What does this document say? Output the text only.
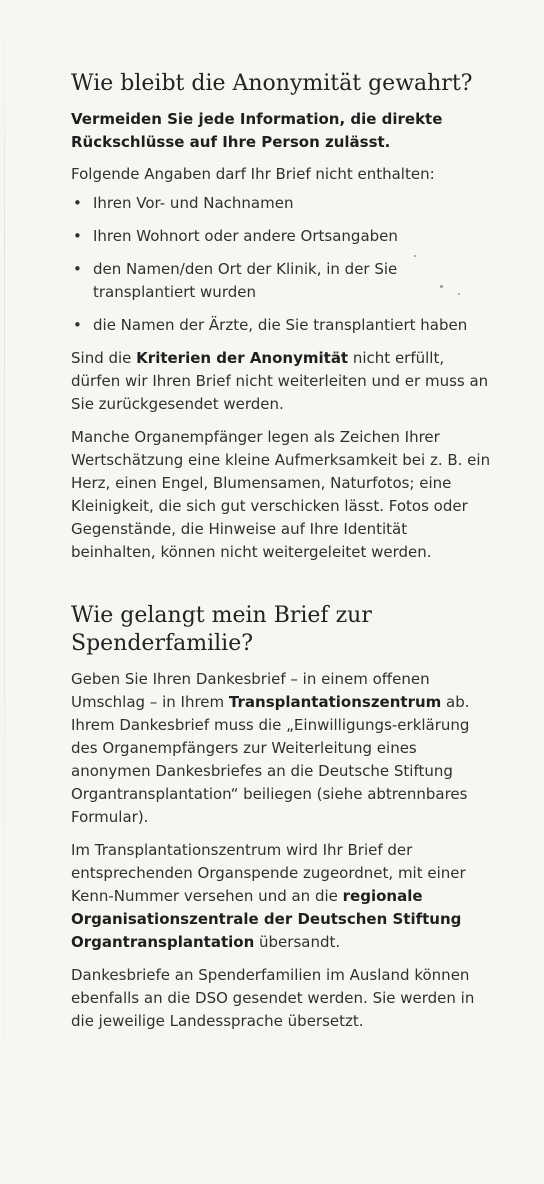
Wie bleibt die Anonymität gewahrt?
Vermeiden Sie jede Information, die direkte Rückschlüsse auf Ihre Person zulässt.

Folgende Angaben darf Ihr Brief nicht enthalten:

• Ihren Vor- und Nachnamen
• Ihren Wohnort oder andere Ortsangaben
• den Namen/den Ort der Klinik, in der Sie transplantiert wurden
• die Namen der Ärzte, die Sie transplantiert haben

Sind die Kriterien der Anonymität nicht erfüllt, dürfen wir Ihren Brief nicht weiterleiten und er muss an Sie zurückgesendet werden.

Manche Organempfänger legen als Zeichen Ihrer Wertschätzung eine kleine Aufmerksamkeit bei z. B. ein Herz, einen Engel, Blumensamen, Naturfotos; eine Kleinigkeit, die sich gut verschicken lässt. Fotos oder Gegenstände, die Hinweise auf Ihre Identität beinhalten, können nicht weitergeleitet werden.

Wie gelangt mein Brief zur Spenderfamilie?

Geben Sie Ihren Dankesbrief – in einem offenen Umschlag – in Ihrem Transplantationszentrum ab. Ihrem Dankesbrief muss die „Einwilligungs-erklärung des Organempfängers zur Weiterleitung eines anonymen Dankesbriefes an die Deutsche Stiftung Organtransplantation“ beiliegen (siehe abtrennbares Formular).

Im Transplantationszentrum wird Ihr Brief der entsprechenden Organspende zugeordnet, mit einer Kenn-Nummer versehen und an die regionale Organisationszentrale der Deutschen Stiftung Organtransplantation übersandt.

Dankesbriefe an Spenderfamilien im Ausland können ebenfalls an die DSO gesendet werden. Sie werden in die jeweilige Landessprache übersetzt.
